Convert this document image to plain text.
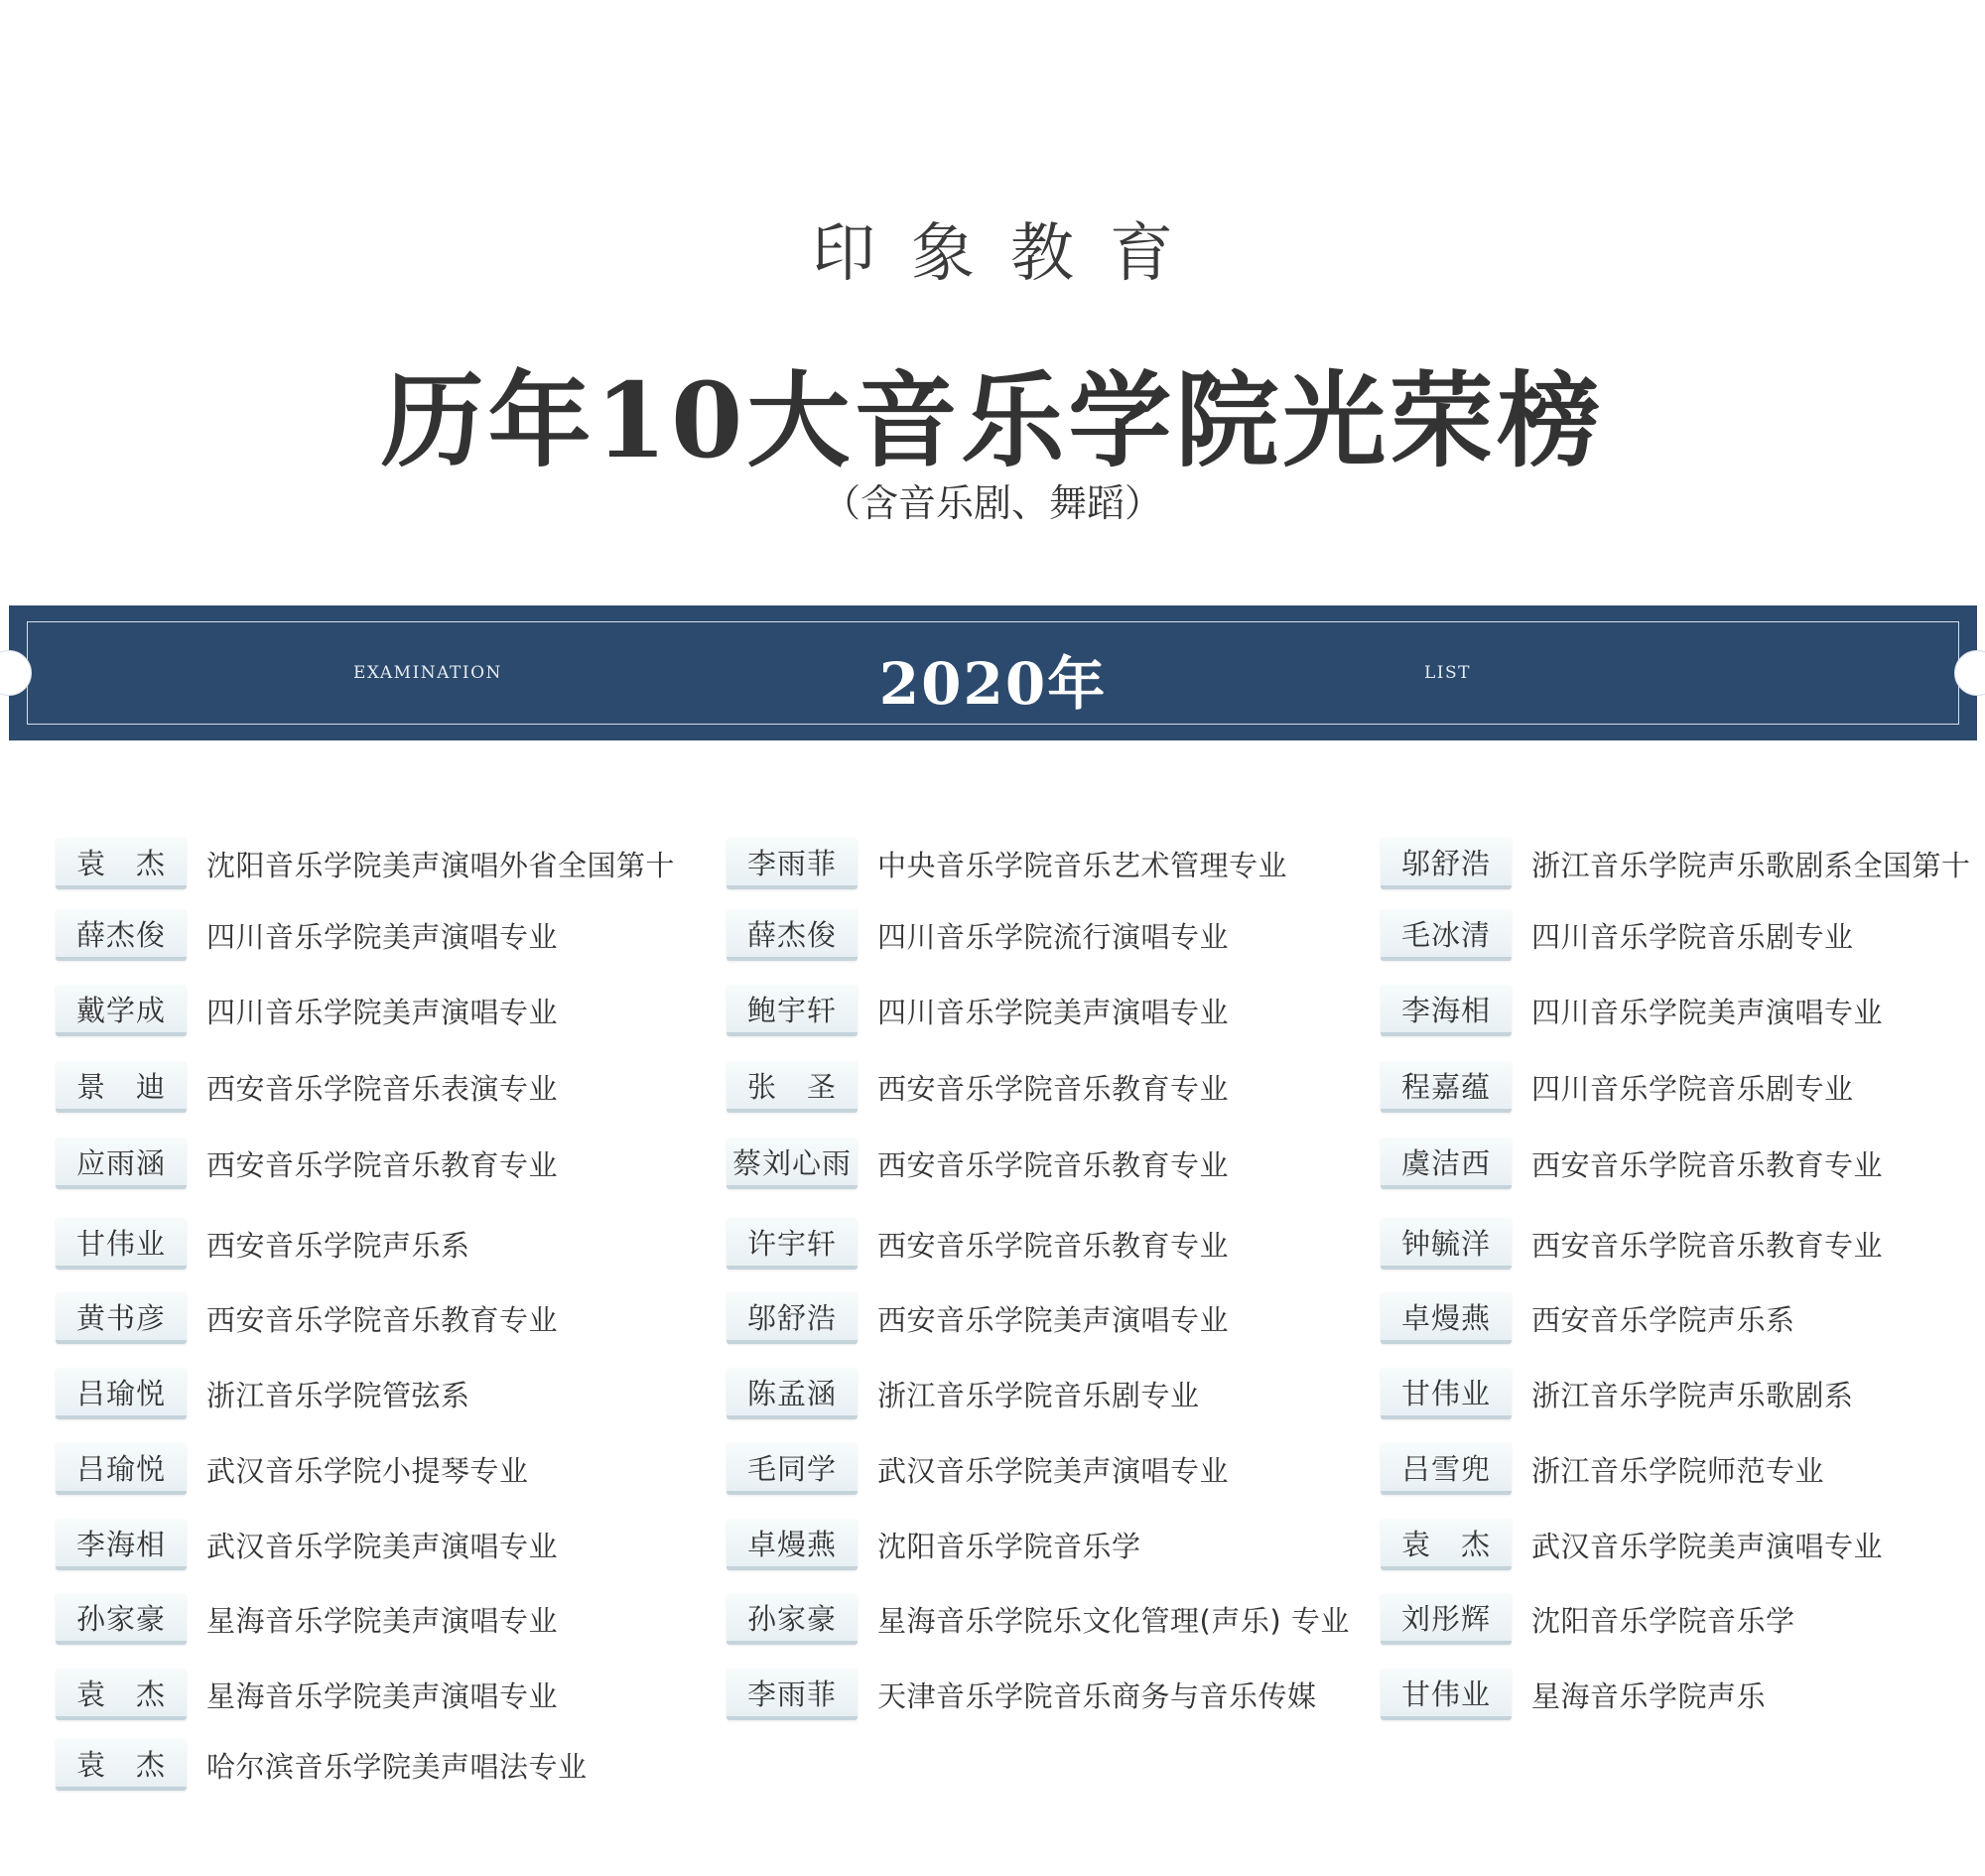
印象教育
历年10大音乐学院光荣榜
（含音乐剧、舞蹈）
EXAMINATION	2020年	LIST
袁　杰	沈阳音乐学院美声演唱外省全国第十
薛杰俊	四川音乐学院美声演唱专业
戴学成	四川音乐学院美声演唱专业
景　迪	西安音乐学院音乐表演专业
应雨涵	西安音乐学院音乐教育专业
甘伟业	西安音乐学院声乐系
黄书彦	西安音乐学院音乐教育专业
吕瑜悦	浙江音乐学院管弦系
吕瑜悦	武汉音乐学院小提琴专业
李海相	武汉音乐学院美声演唱专业
孙家豪	星海音乐学院美声演唱专业
袁　杰	星海音乐学院美声演唱专业
袁　杰	哈尔滨音乐学院美声唱法专业
李雨菲	中央音乐学院音乐艺术管理专业
薛杰俊	四川音乐学院流行演唱专业
鲍宇轩	四川音乐学院美声演唱专业
张　圣	西安音乐学院音乐教育专业
蔡刘心雨 西安音乐学院音乐教育专业
许宇轩	西安音乐学院音乐教育专业
邬舒浩	西安音乐学院美声演唱专业
陈孟涵	浙江音乐学院音乐剧专业
毛同学	武汉音乐学院美声演唱专业
卓熳燕	沈阳音乐学院音乐学
孙家豪	星海音乐学院乐文化管理(声乐) 专业
李雨菲	天津音乐学院音乐商务与音乐传媒
邬舒浩	浙江音乐学院声乐歌剧系全国第十
毛冰清	四川音乐学院音乐剧专业
李海相	四川音乐学院美声演唱专业
程嘉蕴	四川音乐学院音乐剧专业
虞洁西	西安音乐学院音乐教育专业
钟毓洋	西安音乐学院音乐教育专业
卓熳燕	西安音乐学院声乐系
甘伟业	浙江音乐学院声乐歌剧系
吕雪兜	浙江音乐学院师范专业
袁　杰	武汉音乐学院美声演唱专业
刘彤辉	沈阳音乐学院音乐学
甘伟业	星海音乐学院声乐
